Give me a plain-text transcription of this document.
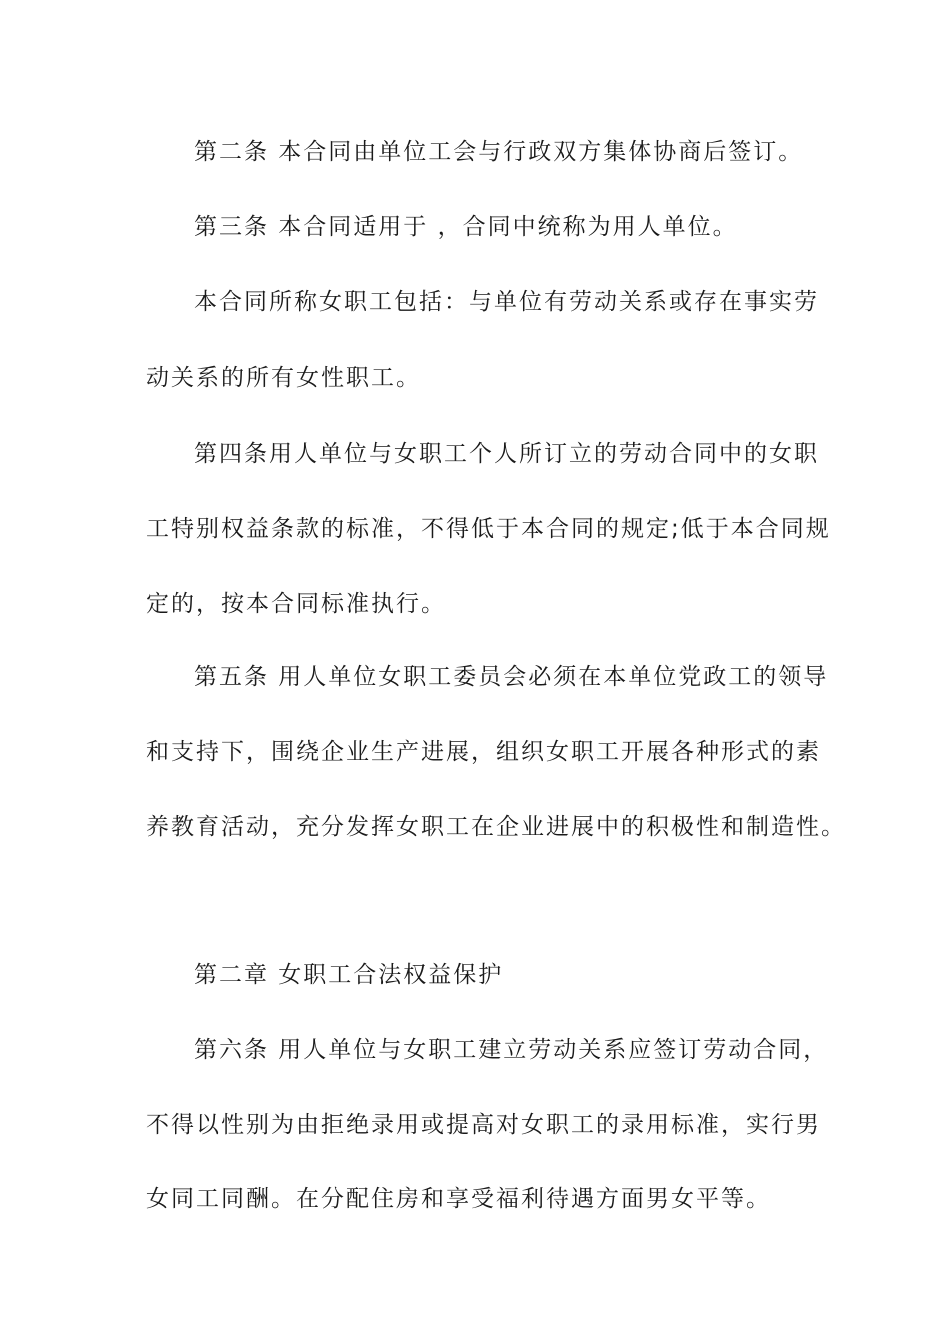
第二条 本合同由单位工会与行政双方集体协商后签订。
第三条 本合同适用于 ，合同中统称为用人单位。
本合同所称女职工包括：与单位有劳动关系或存在事实劳
动关系的所有女性职工。
第四条用人单位与女职工个人所订立的劳动合同中的女职
工特别权益条款的标准，不得低于本合同的规定;低于本合同规
定的，按本合同标准执行。
第五条 用人单位女职工委员会必须在本单位党政工的领导
和支持下，围绕企业生产进展，组织女职工开展各种形式的素
养教育活动，充分发挥女职工在企业进展中的积极性和制造性。
第二章 女职工合法权益保护
第六条 用人单位与女职工建立劳动关系应签订劳动合同，
不得以性别为由拒绝录用或提高对女职工的录用标准，实行男
女同工同酬。在分配住房和享受福利待遇方面男女平等。
